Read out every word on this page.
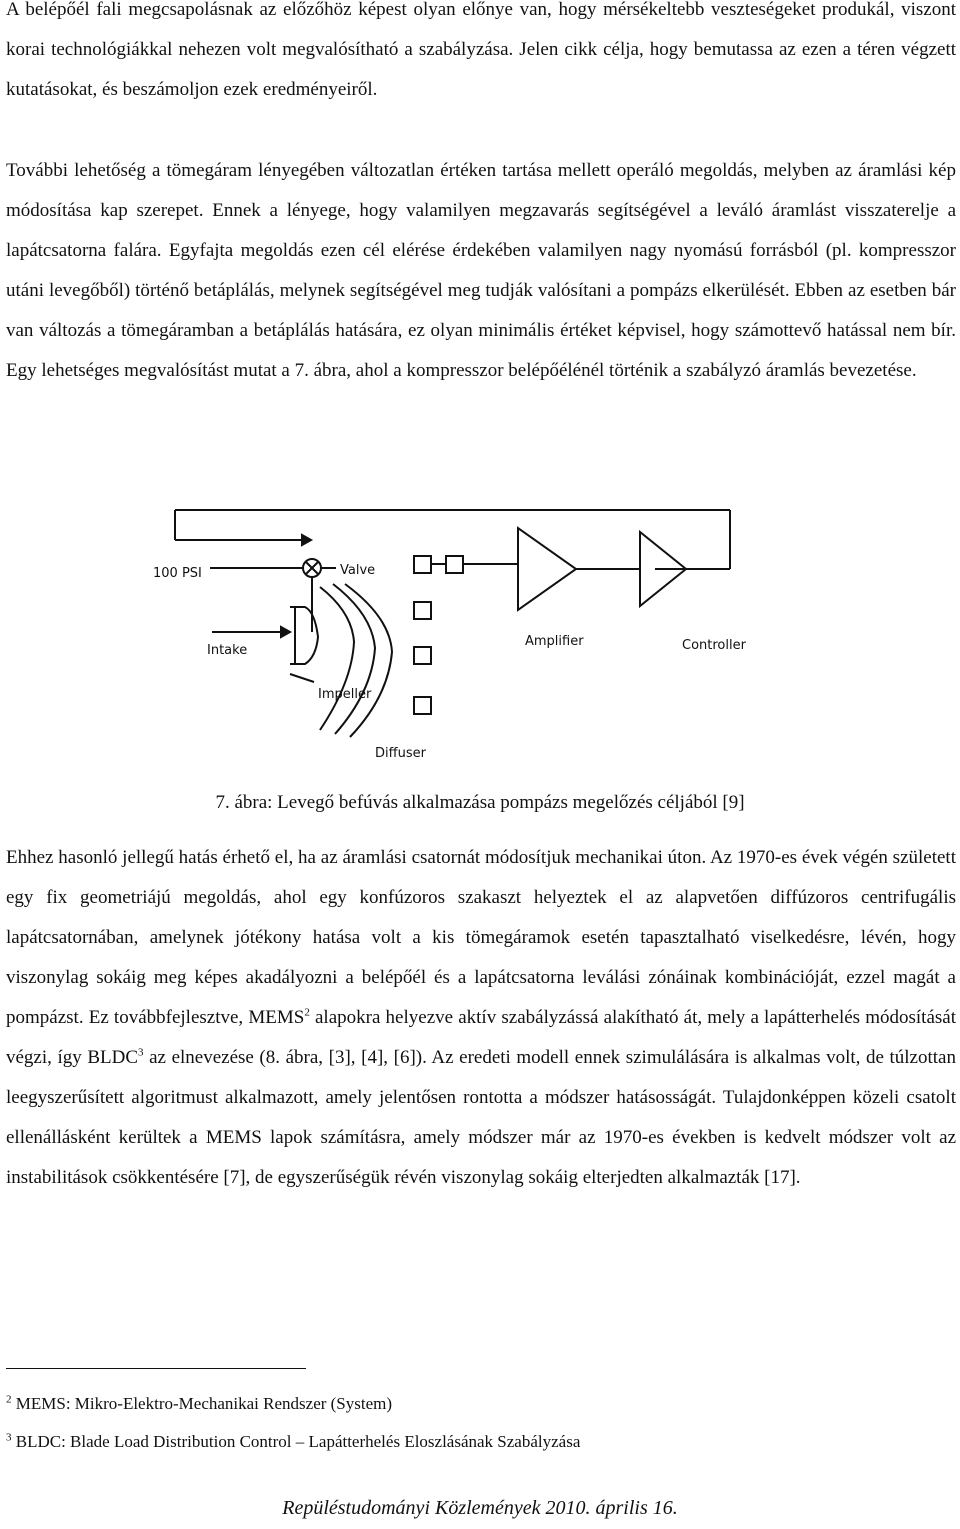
A belépőél fali megcsapolásnak az előzőhöz képest olyan előnye van, hogy mérsékeltebb veszteségeket produkál, viszont korai technológiákkal nehezen volt megvalósítható a szabályzása. Jelen cikk célja, hogy bemutassa az ezen a téren végzett kutatásokat, és beszámoljon ezek eredményeiről.

További lehetőség a tömegáram lényegében változatlan értéken tartása mellett operáló megoldás, melyben az áramlási kép módosítása kap szerepet. Ennek a lényege, hogy valamilyen megzavarás segítségével a leváló áramlást visszaterelje a lapátcsatorna falára. Egyfajta megoldás ezen cél elérése érdekében valamilyen nagy nyomású forrásból (pl. kompresszor utáni levegőből) történő betáplálás, melynek segítségével meg tudják valósítani a pompázs elkerülését. Ebben az esetben bár van változás a tömegáramban a betáplálás hatására, ez olyan minimális értéket képvisel, hogy számottevő hatással nem bír. Egy lehetséges megvalósítást mutat a 7. ábra, ahol a kompresszor belépőélénél történik a szabályzó áramlás bevezetése.

100 PSI	Valve
Intake
Amplifier	Controller
Impeller
Diffuser

7. ábra: Levegő befúvás alkalmazása pompázs megelőzés céljából [9]

Ehhez hasonló jellegű hatás érhető el, ha az áramlási csatornát módosítjuk mechanikai úton. Az 1970-es évek végén született egy fix geometriájú megoldás, ahol egy konfúzoros szakaszt helyeztek el az alapvetően diffúzoros centrifugális lapátcsatornában, amelynek jótékony hatása volt a kis tömegáramok esetén tapasztalható viselkedésre, lévén, hogy viszonylag sokáig meg képes akadályozni a belépőél és a lapátcsatorna leválási zónáinak kombinációját, ezzel magát a pompázst. Ez továbbfejlesztve, MEMS$^2$ alapokra helyezve aktív szabályzássá alakítható át, mely a lapátterhelés módosítását végzi, így BLDC$^3$ az elnevezése (8. ábra, [3], [4], [6]). Az eredeti modell ennek szimulálására is alkalmas volt, de túlzottan leegyszerűsített algoritmust alkalmazott, amely jelentősen rontotta a módszer hatásosságát. Tulajdonképpen közeli csatolt ellenállásként kerültek a MEMS lapok számításra, amely módszer már az 1970-es években is kedvelt módszer volt az instabilitások csökkentésére [7], de egyszerűségük révén viszonylag sokáig elterjedten alkalmazták [17].

$^2$ MEMS: Mikro-Elektro-Mechanikai Rendszer (System)

$^3$ BLDC: Blade Load Distribution Control – Lapátterhelés Eloszlásának Szabályzása

Repüléstudományi Közlemények 2010. április 16.
